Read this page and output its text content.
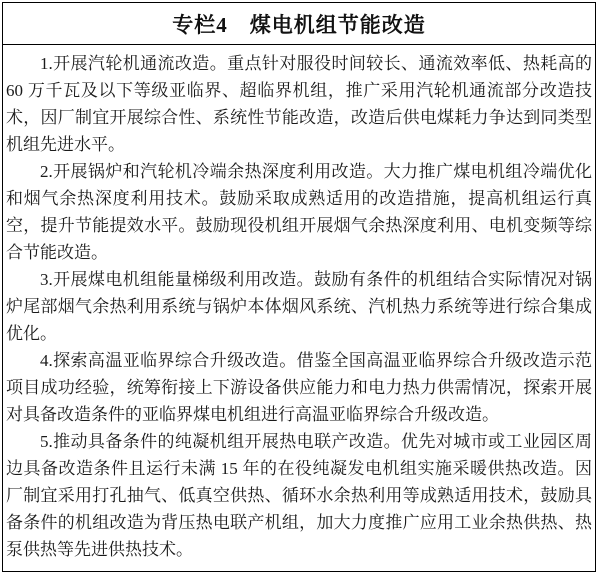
专栏4　煤电机组节能改造

1.开展汽轮机通流改造。重点针对服役时间较长、通流效率低、热耗高的 60 万千瓦及以下等级亚临界、超临界机组，推广采用汽轮机通流部分改造技术，因厂制宜开展综合性、系统性节能改造，改造后供电煤耗力争达到同类型机组先进水平。

2.开展锅炉和汽轮机冷端余热深度利用改造。大力推广煤电机组冷端优化和烟气余热深度利用技术。鼓励采取成熟适用的改造措施，提高机组运行真空，提升节能提效水平。鼓励现役机组开展烟气余热深度利用、电机变频等综合节能改造。

3.开展煤电机组能量梯级利用改造。鼓励有条件的机组结合实际情况对锅炉尾部烟气余热利用系统与锅炉本体烟风系统、汽机热力系统等进行综合集成优化。

4.探索高温亚临界综合升级改造。借鉴全国高温亚临界综合升级改造示范项目成功经验，统筹衔接上下游设备供应能力和电力热力供需情况，探索开展对具备改造条件的亚临界煤电机组进行高温亚临界综合升级改造。

5.推动具备条件的纯凝机组开展热电联产改造。优先对城市或工业园区周边具备改造条件且运行未满 15 年的在役纯凝发电机组实施采暖供热改造。因厂制宜采用打孔抽气、低真空供热、循环水余热利用等成熟适用技术，鼓励具备条件的机组改造为背压热电联产机组，加大力度推广应用工业余热供热、热泵供热等先进供热技术。
